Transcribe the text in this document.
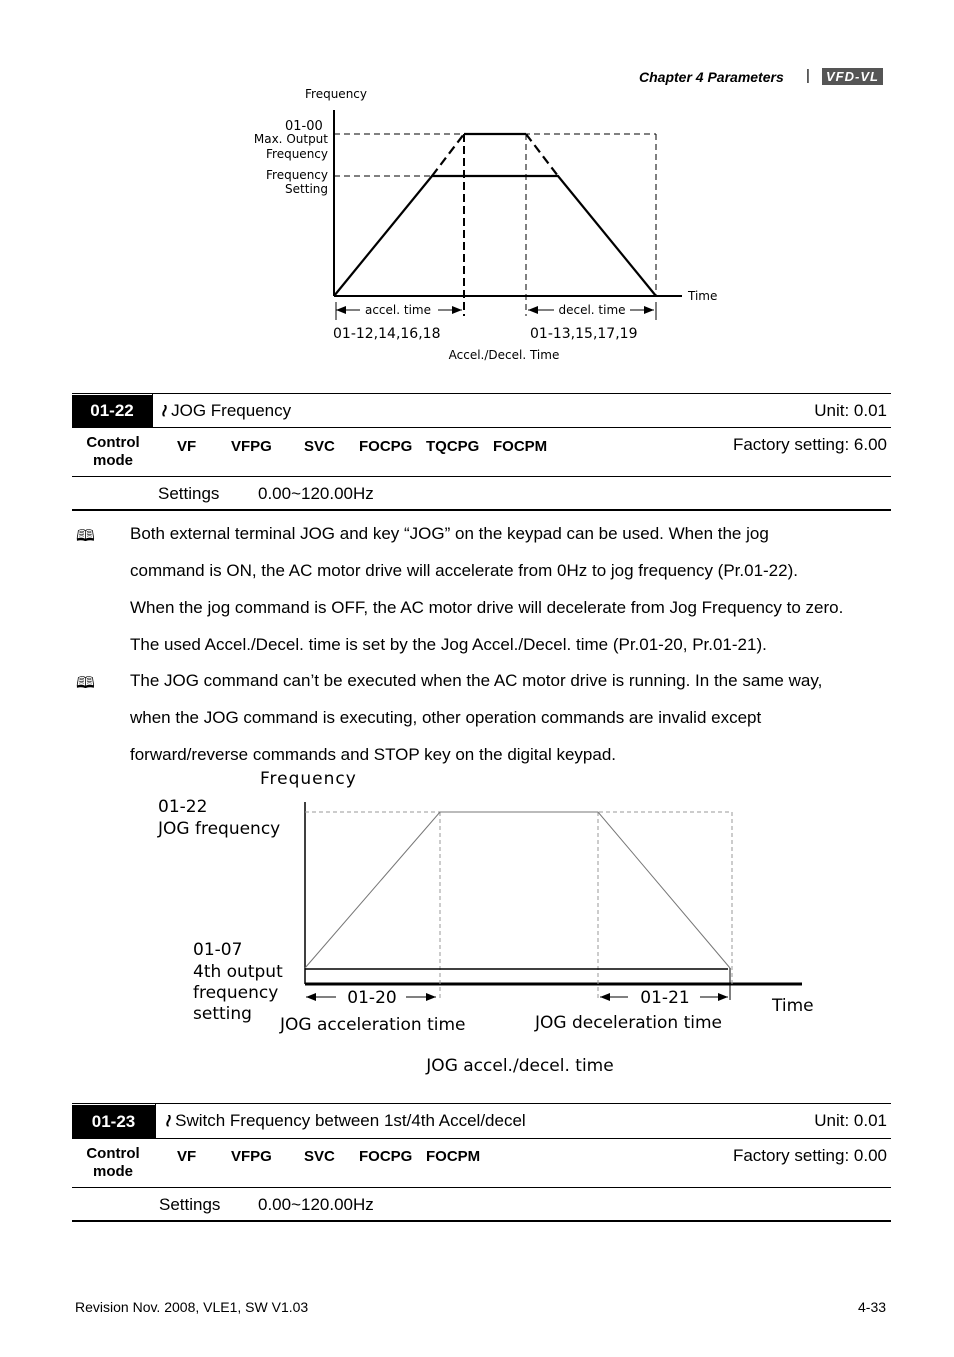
Chapter 4 Parameters |	VFD-VL
Frequency
01-00
Max. Output
Frequency
Frequency
Setting
Time
accel. time	decel. time
01-12,14,16,18	01-13,15,17,19
Accel./Decel. Time
01-22	≀ JOG Frequency	Unit: 0.01
Control
mode
VF VFPG SVC FOCPG TQCPG FOCPM	Factory setting: 6.00
Settings 0.00~120.00Hz
🕮 Both external terminal JOG and key “JOG” on the keypad can be used. When the jog
command is ON, the AC motor drive will accelerate from 0Hz to jog frequency (Pr.01-22).
When the jog command is OFF, the AC motor drive will decelerate from Jog Frequency to zero.
The used Accel./Decel. time is set by the Jog Accel./Decel. time (Pr.01-20, Pr.01-21).
🕮 The JOG command can’t be executed when the AC motor drive is running. In the same way,
when the JOG command is executing, other operation commands are invalid except
forward/reverse commands and STOP key on the digital keypad.
Frequency
01-22
JOG frequency
01-07
4th output
frequency
setting
01-20	01-21	Time
JOG acceleration time	JOG deceleration time
JOG accel./decel. time
01-23	≀ Switch Frequency between 1st/4th Accel/decel	Unit: 0.01
Control
mode
VF VFPG SVC FOCPG FOCPM	Factory setting: 0.00
Settings 0.00~120.00Hz
Revision Nov. 2008, VLE1, SW V1.03	4-33
